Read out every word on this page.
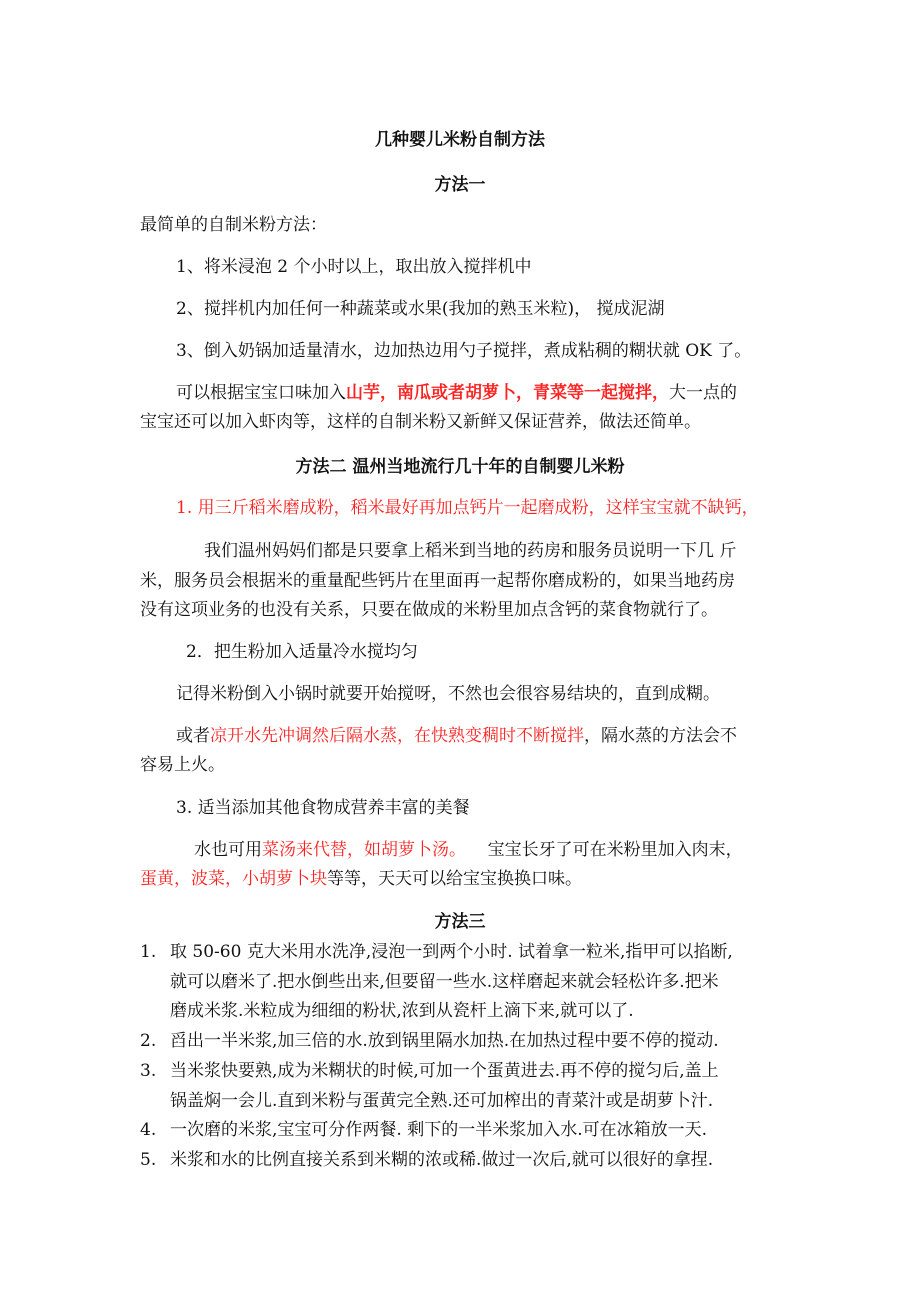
几种婴儿米粉自制方法
方法一
最简单的自制米粉方法：
1、将米浸泡 2 个小时以上，取出放入搅拌机中
2、搅拌机内加任何一种蔬菜或水果(我加的熟玉米粒)， 搅成泥湖
3、倒入奶锅加适量清水，边加热边用勺子搅拌，煮成粘稠的糊状就 OK 了。
可以根据宝宝口味加入山芋，南瓜或者胡萝卜，青菜等一起搅拌，大一点的
宝宝还可以加入虾肉等，这样的自制米粉又新鲜又保证营养，做法还简单。
方法二 温州当地流行几十年的自制婴儿米粉
1. 用三斤稻米磨成粉，稻米最好再加点钙片一起磨成粉，这样宝宝就不缺钙，
我们温州妈妈们都是只要拿上稻米到当地的药房和服务员说明一下几 斤
米，服务员会根据米的重量配些钙片在里面再一起帮你磨成粉的，如果当地药房
没有这项业务的也没有关系，只要在做成的米粉里加点含钙的菜食物就行了。
2．把生粉加入适量冷水搅均匀
记得米粉倒入小锅时就要开始搅呀，不然也会很容易结块的，直到成糊。
或者凉开水先冲调然后隔水蒸，在快熟变稠时不断搅拌，隔水蒸的方法会不
容易上火。
3. 适当添加其他食物成营养丰富的美餐
水也可用菜汤来代替，如胡萝卜汤。    宝宝长牙了可在米粉里加入肉末，
蛋黄，波菜，小胡萝卜块等等，天天可以给宝宝换换口味。
方法三
1. 取 50-60 克大米用水洗净,浸泡一到两个小时. 试着拿一粒米,指甲可以掐断,
就可以磨米了.把水倒些出来,但要留一些水.这样磨起来就会轻松许多.把米
磨成米浆.米粒成为细细的粉状,浓到从瓷杆上滴下来,就可以了.
2. 舀出一半米浆,加三倍的水.放到锅里隔水加热.在加热过程中要不停的搅动.
3. 当米浆快要熟,成为米糊状的时候,可加一个蛋黄进去.再不停的搅匀后,盖上
锅盖焖一会儿.直到米粉与蛋黄完全熟.还可加榨出的青菜汁或是胡萝卜汁.
4. 一次磨的米浆,宝宝可分作两餐. 剩下的一半米浆加入水.可在冰箱放一天.
5. 米浆和水的比例直接关系到米糊的浓或稀.做过一次后,就可以很好的拿捏.
